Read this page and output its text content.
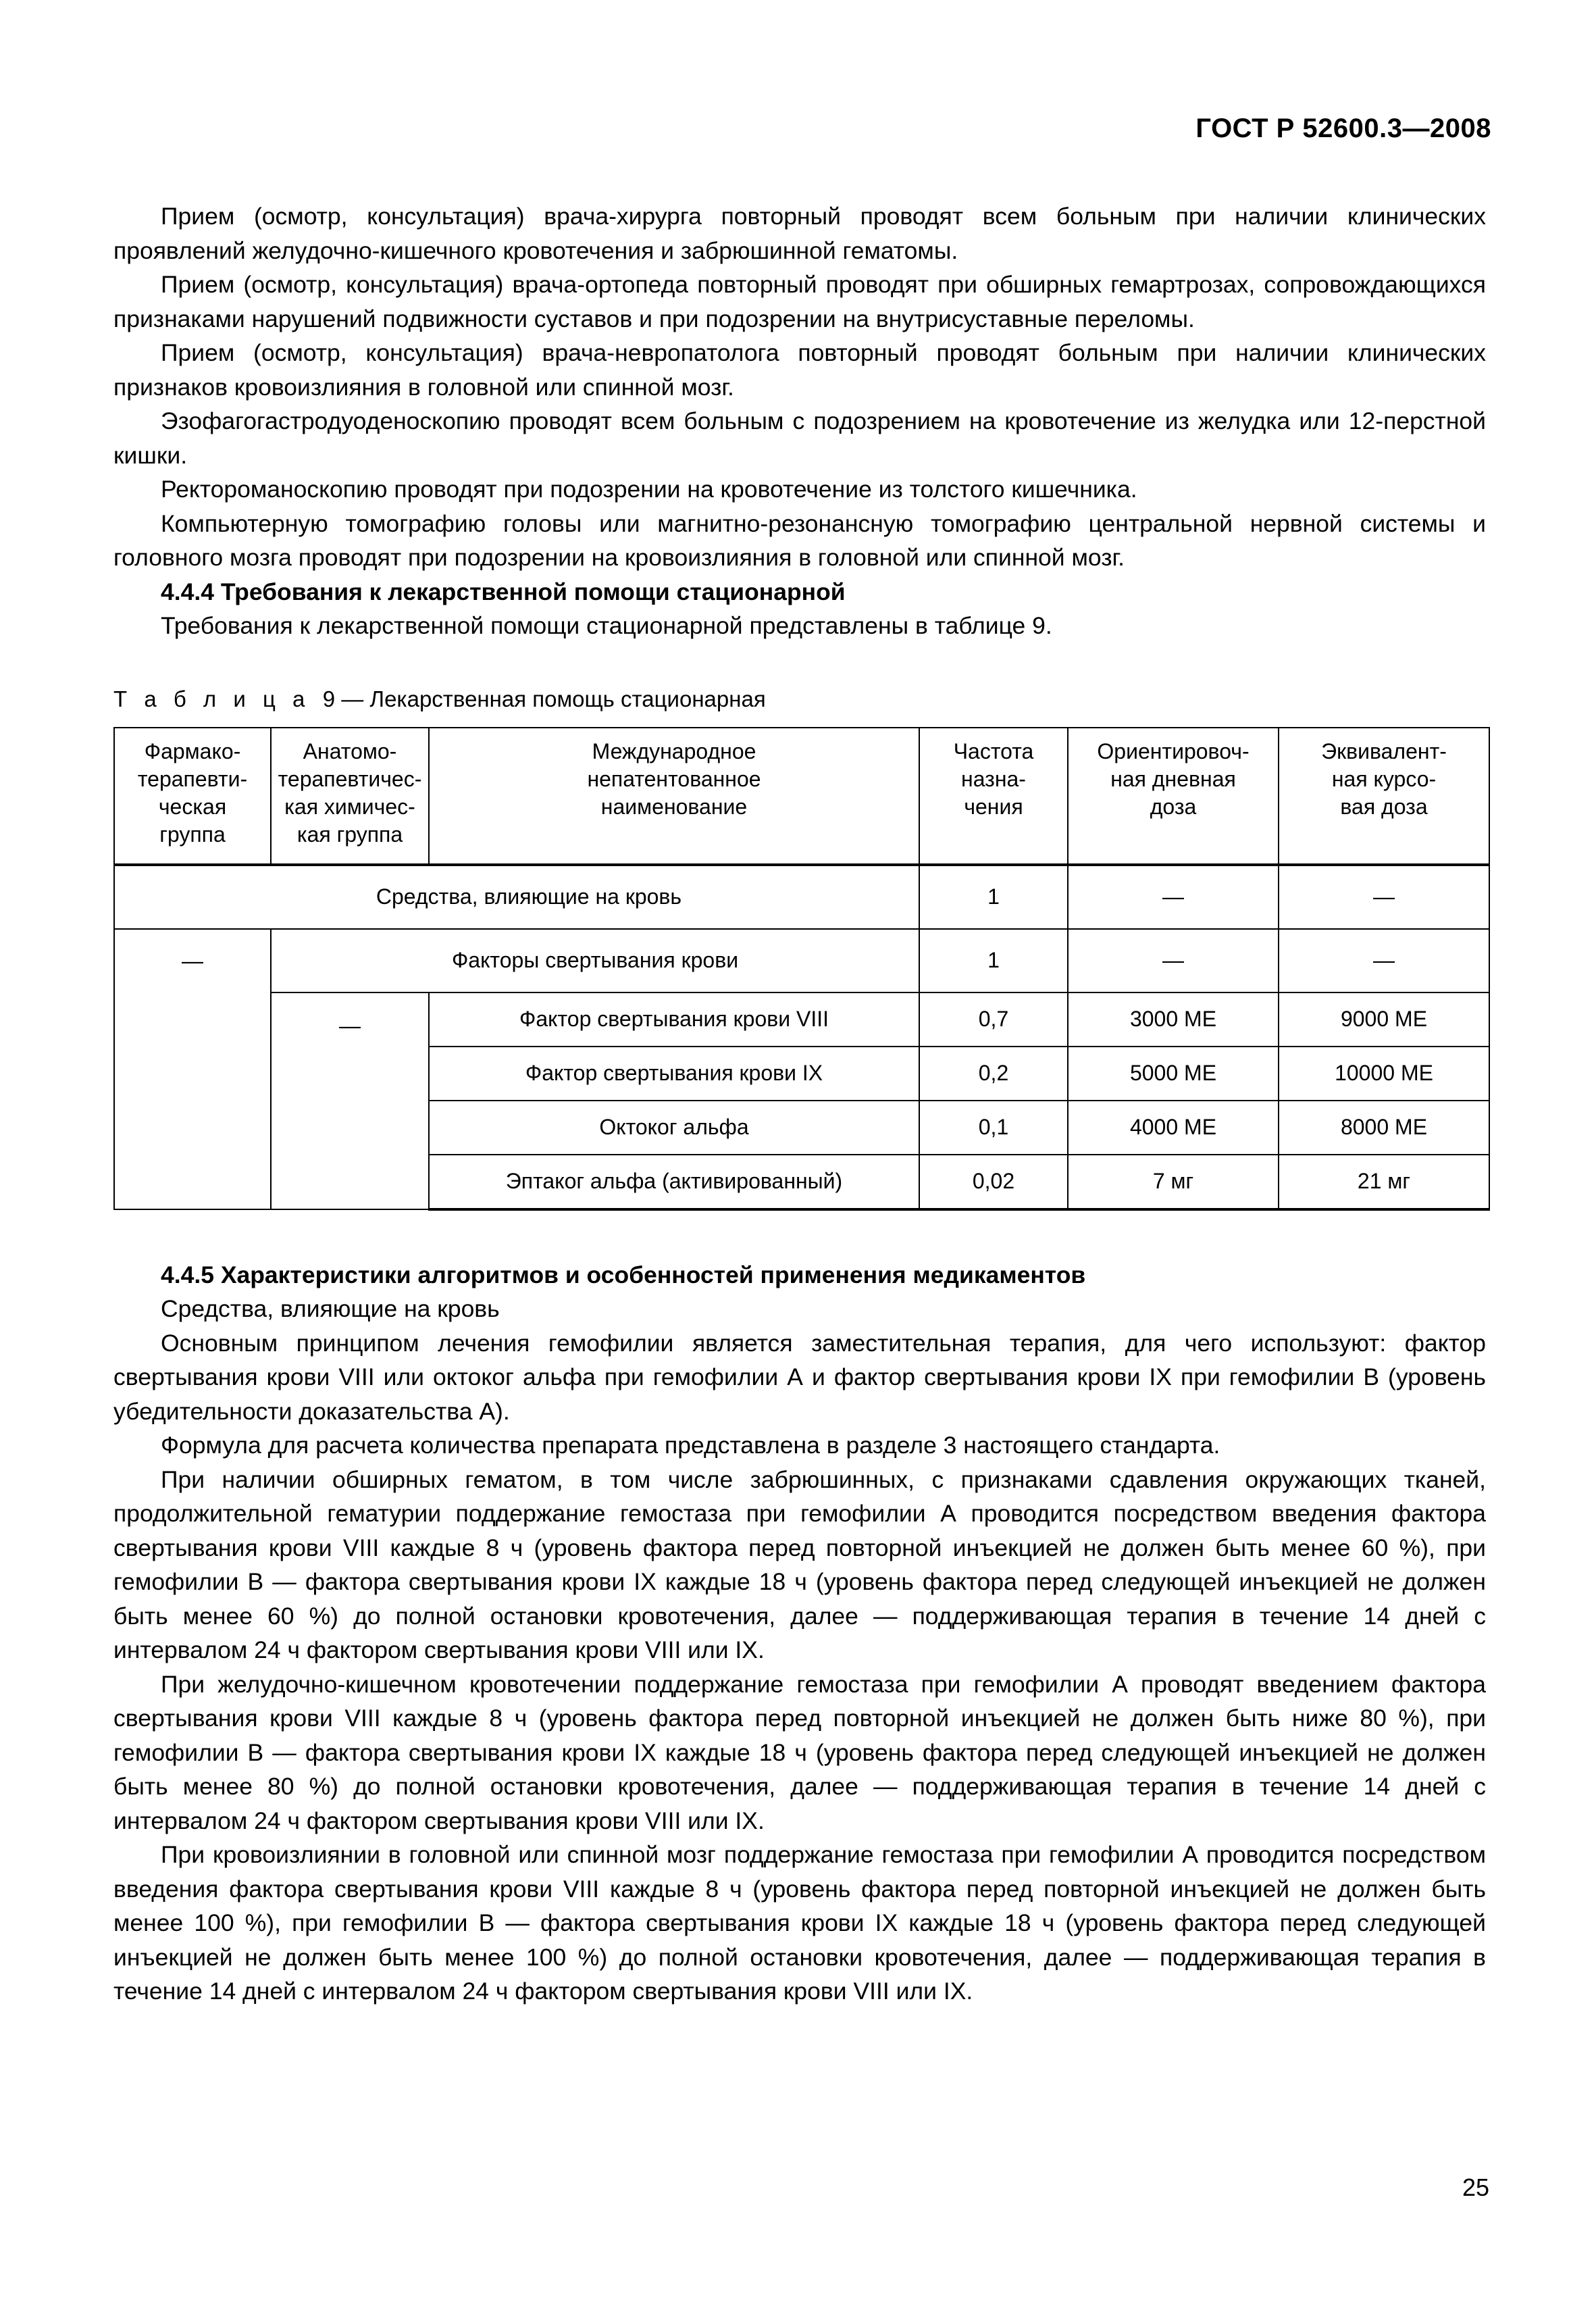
ГОСТ Р 52600.3—2008

Прием (осмотр, консультация) врача-хирурга повторный проводят всем больным при наличии клинических проявлений желудочно-кишечного кровотечения и забрюшинной гематомы.

Прием (осмотр, консультация) врача-ортопеда повторный проводят при обширных гемартрозах, сопровождающихся признаками нарушений подвижности суставов и при подозрении на внутрисуставные переломы.

Прием (осмотр, консультация) врача-невропатолога повторный проводят больным при наличии клинических признаков кровоизлияния в головной или спинной мозг.

Эзофагогастродуоденоскопию проводят всем больным с подозрением на кровотечение из желудка или 12-перстной кишки.

Ректороманоскопию проводят при подозрении на кровотечение из толстого кишечника.

Компьютерную томографию головы или магнитно-резонансную томографию центральной нервной системы и головного мозга проводят при подозрении на кровоизлияния в головной или спинной мозг.

4.4.4 Требования к лекарственной помощи стационарной

Требования к лекарственной помощи стационарной представлены в таблице 9.

Т а б л и ц а 9 — Лекарственная помощь стационарная

Фармако-
терапевти-
ческая
группа	Анатомо-
терапевтичес-
кая химичес-
кая группа	Международное
непатентованное
наименование	Частота
назна-
чения	Ориентировоч-
ная дневная
доза	Эквивалент-
ная курсо-
вая доза
Средства, влияющие на кровь			1	—	—
—	Факторы свертывания крови		1	—	—
	—	Фактор свертывания крови VIII	0,7	3000 МЕ	9000 МЕ
		Фактор свертывания крови IX	0,2	5000 МЕ	10000 МЕ
		Октоког альфа	0,1	4000 МЕ	8000 МЕ
		Эптаког альфа (активированный)	0,02	7 мг	21 мг
4.4.5 Характеристики алгоритмов и особенностей применения медикаментов

Средства, влияющие на кровь

Основным принципом лечения гемофилии является заместительная терапия, для чего используют: фактор свертывания крови VIII или октоког альфа при гемофилии А и фактор свертывания крови IX при гемофилии В (уровень убедительности доказательства А).

Формула для расчета количества препарата представлена в разделе 3 настоящего стандарта.

При наличии обширных гематом, в том числе забрюшинных, с признаками сдавления окружающих тканей, продолжительной гематурии поддержание гемостаза при гемофилии А проводится посредством введения фактора свертывания крови VIII каждые 8 ч (уровень фактора перед повторной инъекцией не должен быть менее 60 %), при гемофилии В — фактора свертывания крови IX каждые 18 ч (уровень фактора перед следующей инъекцией не должен быть менее 60 %) до полной остановки кровотечения, далее — поддерживающая терапия в течение 14 дней с интервалом 24 ч фактором свертывания крови VIII или IX.

При желудочно-кишечном кровотечении поддержание гемостаза при гемофилии А проводят введением фактора свертывания крови VIII каждые 8 ч (уровень фактора перед повторной инъекцией не должен быть ниже 80 %), при гемофилии В — фактора свертывания крови IX каждые 18 ч (уровень фактора перед следующей инъекцией не должен быть менее 80 %) до полной остановки кровотечения, далее — поддерживающая терапия в течение 14 дней с интервалом 24 ч фактором свертывания крови VIII или IX.

При кровоизлиянии в головной или спинной мозг поддержание гемостаза при гемофилии А проводится посредством введения фактора свертывания крови VIII каждые 8 ч (уровень фактора перед повторной инъекцией не должен быть менее 100 %), при гемофилии В — фактора свертывания крови IX каждые 18 ч (уровень фактора перед следующей инъекцией не должен быть менее 100 %) до полной остановки кровотечения, далее — поддерживающая терапия в течение 14 дней с интервалом 24 ч фактором свертывания крови VIII или IX.

25
